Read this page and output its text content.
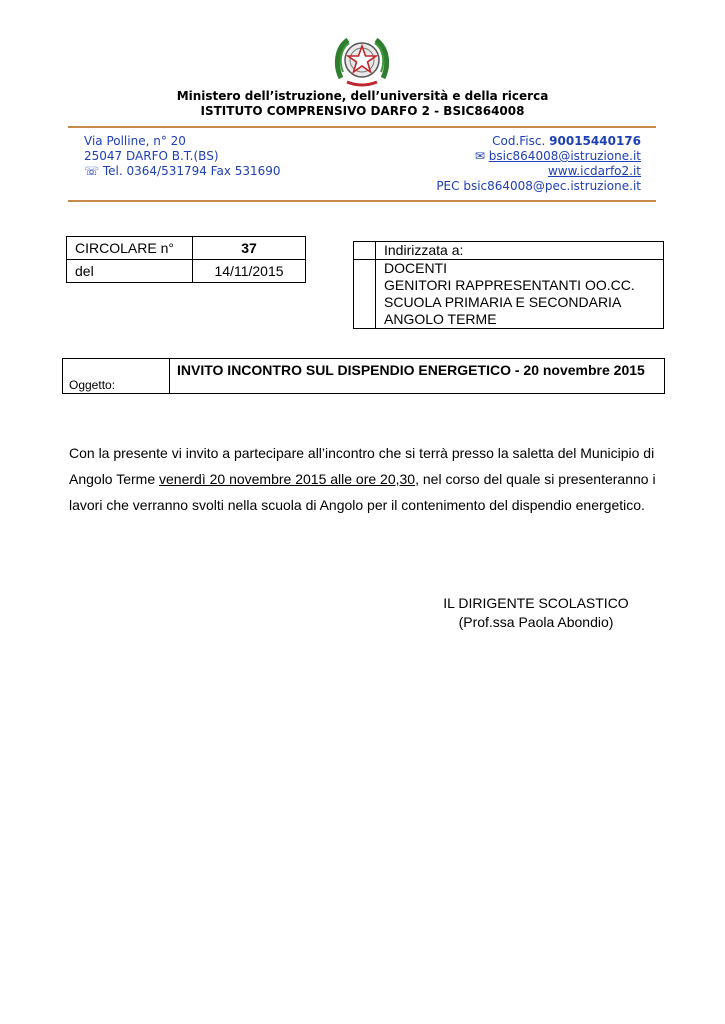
Ministero dell’istruzione, dell’università e della ricerca
ISTITUTO COMPRENSIVO DARFO 2 - BSIC864008
Via Polline, n° 20
25047 DARFO B.T.(BS)
☏ Tel. 0364/531794 Fax 531690
Cod.Fisc. 90015440176
✉ bsic864008@istruzione.it
www.icdarfo2.it
PEC bsic864008@pec.istruzione.it
CIRCOLARE n°	37
del	14/11/2015
Indirizzata a:
DOCENTI
GENITORI RAPPRESENTANTI OO.CC.
SCUOLA PRIMARIA E SECONDARIA
ANGOLO TERME
Oggetto:
INVITO INCONTRO SUL DISPENDIO ENERGETICO - 20 novembre 2015
Con la presente vi invito a partecipare all’incontro che si terrà presso la saletta del Municipio di Angolo Terme venerdì 20 novembre 2015 alle ore 20,30, nel corso del quale si presenteranno i lavori che verranno svolti nella scuola di Angolo per il contenimento del dispendio energetico.
IL DIRIGENTE SCOLASTICO
(Prof.ssa Paola Abondio)
